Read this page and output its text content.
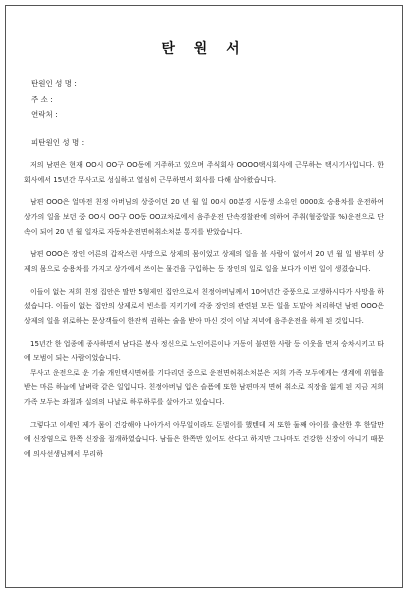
탄 원 서
탄원인 성 명 :
주 소 :
연락처 :
피탄원인 성 명 :

저의 남편은 현재 OO시 OO구 OO동에 거주하고 있으며 주식회사 OOOO택시회사에 근무하는 택시기사입니다. 한회사에서 15년간 무사고로 성실하고 열심히 근무하면서 회사를 다해 살아왔습니다.

남편 OOO은 얼마전 친정 아버님의 상중이던 20 년 월 일 00시 00분경 시동생 소유인 0000호 승용차를 운전하여 상가의 일을 보던 중 OO시 OO구 OO동 OO교차로에서 음주운전 단속경찰관에 의하여 주취(혈중알콜 %)운전으로 단속이 되어 20 년 월 일자로 자동차운전면허취소처분 통지를 받았습니다.

남편 OOO은 장인 어른의 갑작스런 사망으로 상제의 몸이었고 상제의 일을 볼 사람이 없어서 20 년 월 일 밤부터 상제의 몸으로 승용차를 가지고 상가에서 쓰이는 물건을 구입하는 등 장인의 일로 일을 보다가 이번 일이 생겼습니다.

이들이 없는 저희 친정 집안은 딸만 5형제인 집안으로서 친정아버님께서 10여년간 중풍으로 고생하시다가 사망을 하셨습니다. 이들이 없는 집안의 상제로서 빈소를 지키기에 각종 장인의 관련된 모든 일을 도맡아 처리하던 남편 OOO은 상제의 일을 위로하는 문상객들이 한잔씩 권하는 술을 받아 마신 것이 이날 저녁에 음주운전을 하게 된 것입니다.

15년간 한 업종에 종사하면서 남다른 봉사 정신으로 노인어른이나 거동이 불편한 사람 등 이웃을 먼저 승차시키고 타에 모범이 되는 사람이었습니다.

무사고 운전으로 운 기술 개인택시면허를 기다리던 중으로 운전면허취소처분은 저희 가족 모두에게는 생계에 위협을 받는 마른 하늘에 날벼락 같은 일입니다. 친정아버님 입은 슬픔에 또한 남편마저 면허 취소로 직장을 잃게 된 지금 저희 가족 모두는 좌절과 실의의 나날로 하루하루를 살아가고 있습니다.

그렇다고 이세인 제가 몸이 건강해야 나아가서 아무일이라도 돈벌이를 했텐데 저 또한 둘째 아이를 출산한 후 한달만에 신장염으로 한쪽 신장을 절개하였습니다. 남들은 한쪽만 있어도 산다고 하지만 그나마도 건강한 신장이 아니기 때문에 의사선생님께서 무리하
